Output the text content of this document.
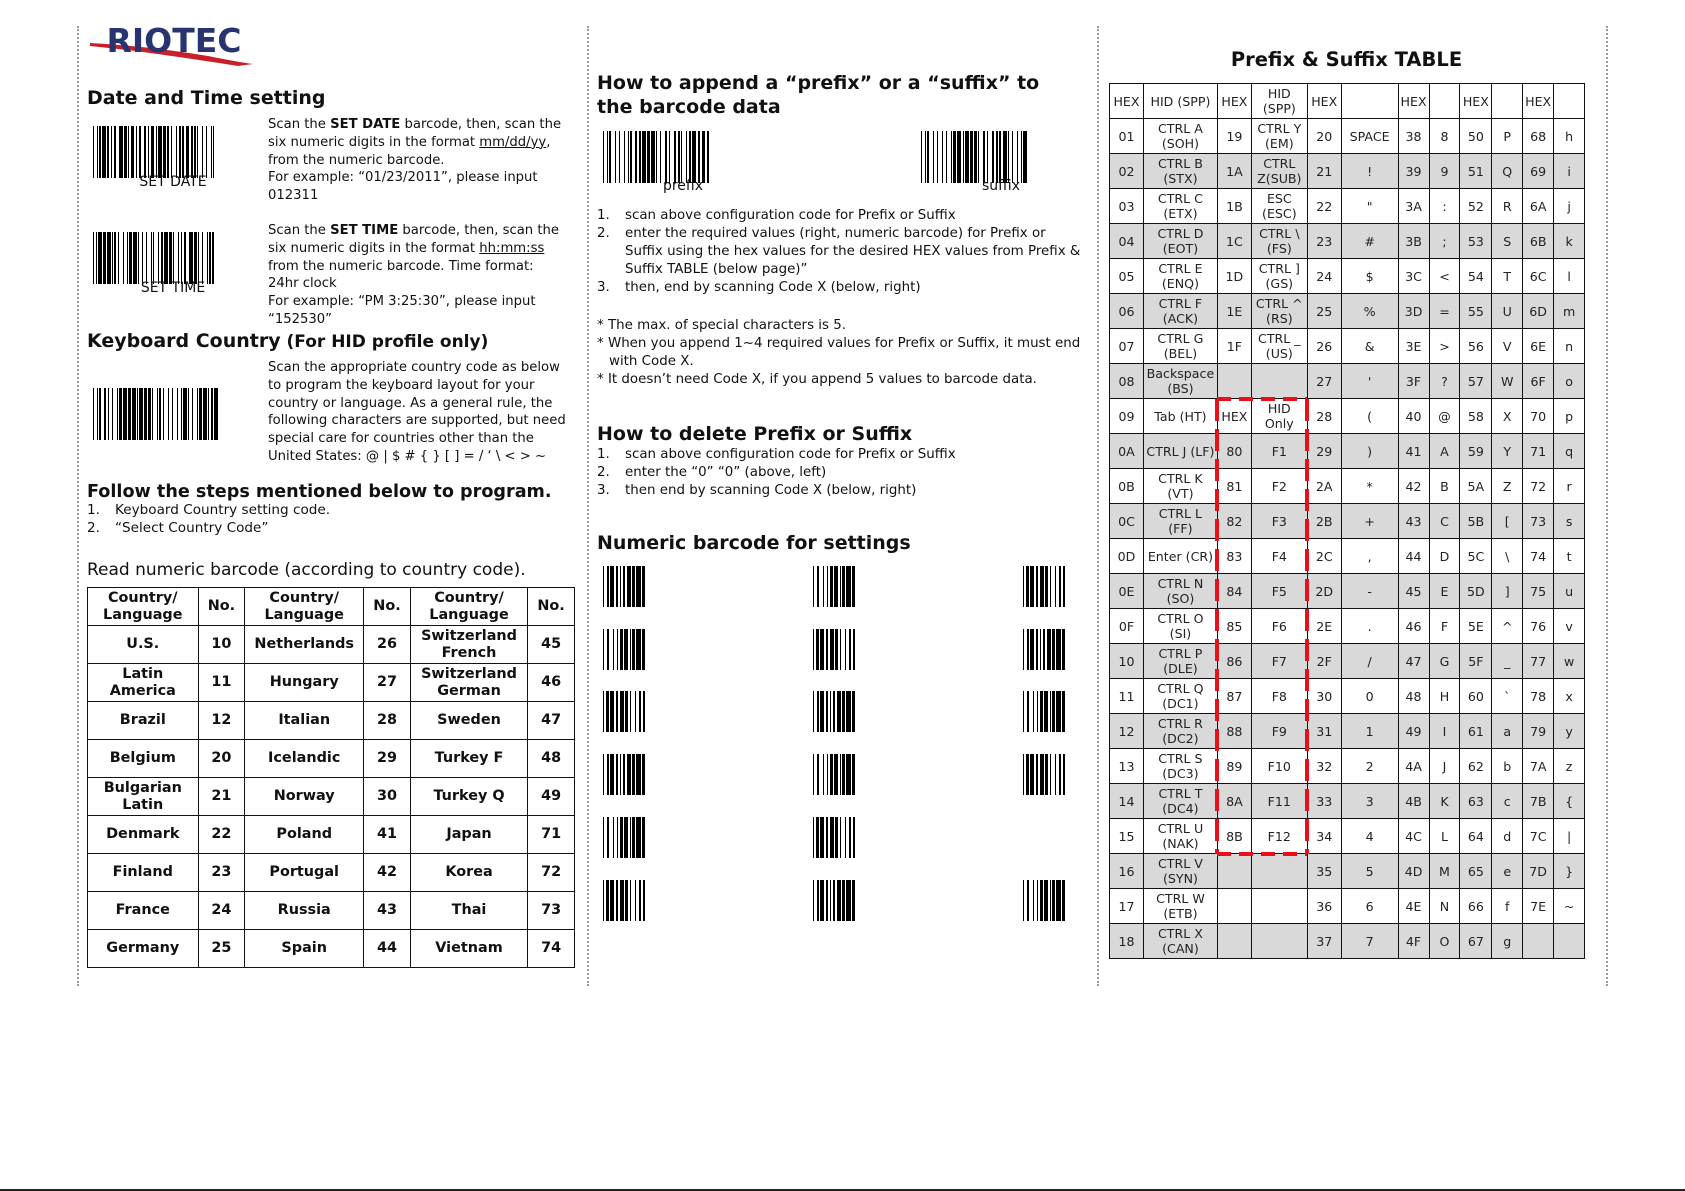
RIOTEC
Date and Time setting
SET DATE
Scan the SET DATE barcode, then, scan the six numeric digits in the format mm/dd/yy, from the numeric barcode.
For example: “01/23/2011”, please input 012311
SET TIME
Scan the SET TIME barcode, then, scan the six numeric digits in the format hh:mm:ss from the numeric barcode. Time format: 24hr clock
For example: “PM 3:25:30”, please input “152530”
Keyboard Country (For HID profile only)
Scan the appropriate country code as below to program the keyboard layout for your country or language. As a general rule, the following characters are supported, but need special care for countries other than the United States: @ | $ # { } [ ] = / ‘ \ < > ~
Follow the steps mentioned below to program.
1. Keyboard Country setting code.
2. “Select Country Code”
Read numeric barcode (according to country code).
Country/ Language	No.	Country/ Language	No.	Country/ Language	No.
U.S.	10	Netherlands	26	Switzerland French	45
Latin America	11	Hungary	27	Switzerland German	46
Brazil	12	Italian	28	Sweden	47
Belgium	20	Icelandic	29	Turkey F	48
Bulgarian Latin	21	Norway	30	Turkey Q	49
Denmark	22	Poland	41	Japan	71
Finland	23	Portugal	42	Korea	72
France	24	Russia	43	Thai	73
Germany	25	Spain	44	Vietnam	74
How to append a “prefix” or a “suffix” to the barcode data
prefix	suffix
1. scan above configuration code for Prefix or Suffix
2. enter the required values (right, numeric barcode) for Prefix or Suffix using the hex values for the desired HEX values from Prefix & Suffix TABLE (below page)”
3. then, end by scanning Code X (below, right)
* The max. of special characters is 5.
* When you append 1~4 required values for Prefix or Suffix, it must end with Code X.
* It doesn’t need Code X, if you append 5 values to barcode data.
How to delete Prefix or Suffix
1. scan above configuration code for Prefix or Suffix
2. enter the “0” “0” (above, left)
3. then end by scanning Code X (below, right)
Numeric barcode for settings
Prefix & Suffix TABLE
HEX	HID (SPP)	HEX	HID (SPP)	HEX		HEX		HEX		HEX	
01	CTRL A (SOH)	19	CTRL Y (EM)	20	SPACE	38	8	50	P	68	h
02	CTRL B (STX)	1A	CTRL Z(SUB)	21	!	39	9	51	Q	69	i
03	CTRL C (ETX)	1B	ESC (ESC)	22	"	3A	:	52	R	6A	j
04	CTRL D (EOT)	1C	CTRL \ (FS)	23	#	3B	;	53	S	6B	k
05	CTRL E (ENQ)	1D	CTRL ] (GS)	24	$	3C	<	54	T	6C	l
06	CTRL F (ACK)	1E	CTRL ^ (RS)	25	%	3D	=	55	U	6D	m
07	CTRL G (BEL)	1F	CTRL _ (US)	26	&	3E	>	56	V	6E	n
08	Backspace (BS)			27	'	3F	?	57	W	6F	o
09	Tab (HT)	HEX	HID Only	28	(	40	@	58	X	70	p
0A	CTRL J (LF)	80	F1	29	)	41	A	59	Y	71	q
0B	CTRL K (VT)	81	F2	2A	*	42	B	5A	Z	72	r
0C	CTRL L (FF)	82	F3	2B	+	43	C	5B	[	73	s
0D	Enter (CR)	83	F4	2C	,	44	D	5C	\	74	t
0E	CTRL N (SO)	84	F5	2D	-	45	E	5D	]	75	u
0F	CTRL O (SI)	85	F6	2E	.	46	F	5E	^	76	v
10	CTRL P (DLE)	86	F7	2F	/	47	G	5F	_	77	w
11	CTRL Q (DC1)	87	F8	30	0	48	H	60	`	78	x
12	CTRL R (DC2)	88	F9	31	1	49	I	61	a	79	y
13	CTRL S (DC3)	89	F10	32	2	4A	J	62	b	7A	z
14	CTRL T (DC4)	8A	F11	33	3	4B	K	63	c	7B	{
15	CTRL U (NAK)	8B	F12	34	4	4C	L	64	d	7C	|
16	CTRL V (SYN)			35	5	4D	M	65	e	7D	}
17	CTRL W (ETB)			36	6	4E	N	66	f	7E	~
18	CTRL X (CAN)			37	7	4F	O	67	g		
